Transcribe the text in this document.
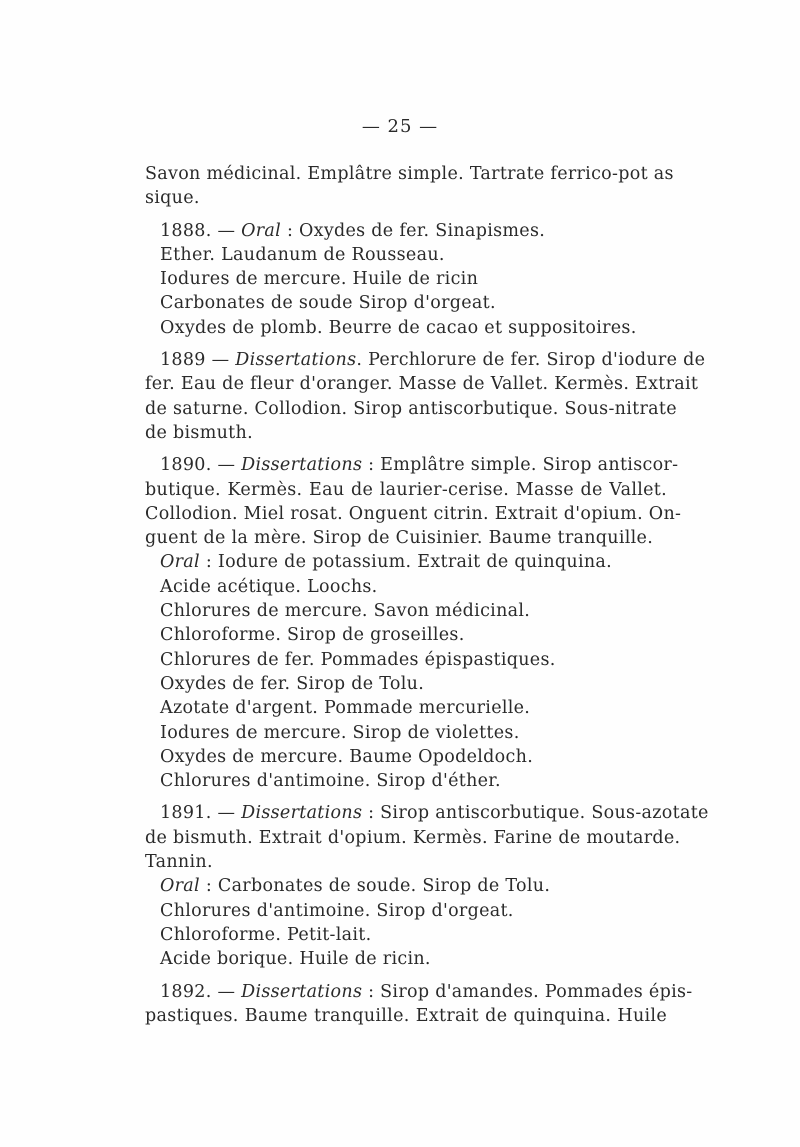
— 25 —
Savon médicinal. Emplâtre simple. Tartrate ferrico-pot as
sique.
1888. — Oral : Oxydes de fer. Sinapismes.
Ether. Laudanum de Rousseau.
Iodures de mercure. Huile de ricin
Carbonates de soude Sirop d'orgeat.
Oxydes de plomb. Beurre de cacao et suppositoires.
1889 — Dissertations. Perchlorure de fer. Sirop d'iodure de
fer. Eau de fleur d'oranger. Masse de Vallet. Kermès. Extrait
de saturne. Collodion. Sirop antiscorbutique. Sous-nitrate
de bismuth.
1890. — Dissertations : Emplâtre simple. Sirop antiscor-
butique. Kermès. Eau de laurier-cerise. Masse de Vallet.
Collodion. Miel rosat. Onguent citrin. Extrait d'opium. On-
guent de la mère. Sirop de Cuisinier. Baume tranquille.
Oral : Iodure de potassium. Extrait de quinquina.
Acide acétique. Loochs.
Chlorures de mercure. Savon médicinal.
Chloroforme. Sirop de groseilles.
Chlorures de fer. Pommades épispastiques.
Oxydes de fer. Sirop de Tolu.
Azotate d'argent. Pommade mercurielle.
Iodures de mercure. Sirop de violettes.
Oxydes de mercure. Baume Opodeldoch.
Chlorures d'antimoine. Sirop d'éther.
1891. — Dissertations : Sirop antiscorbutique. Sous-azotate
de bismuth. Extrait d'opium. Kermès. Farine de moutarde.
Tannin.
Oral : Carbonates de soude. Sirop de Tolu.
Chlorures d'antimoine. Sirop d'orgeat.
Chloroforme. Petit-lait.
Acide borique. Huile de ricin.
1892. — Dissertations : Sirop d'amandes. Pommades épis-
pastiques. Baume tranquille. Extrait de quinquina. Huile
